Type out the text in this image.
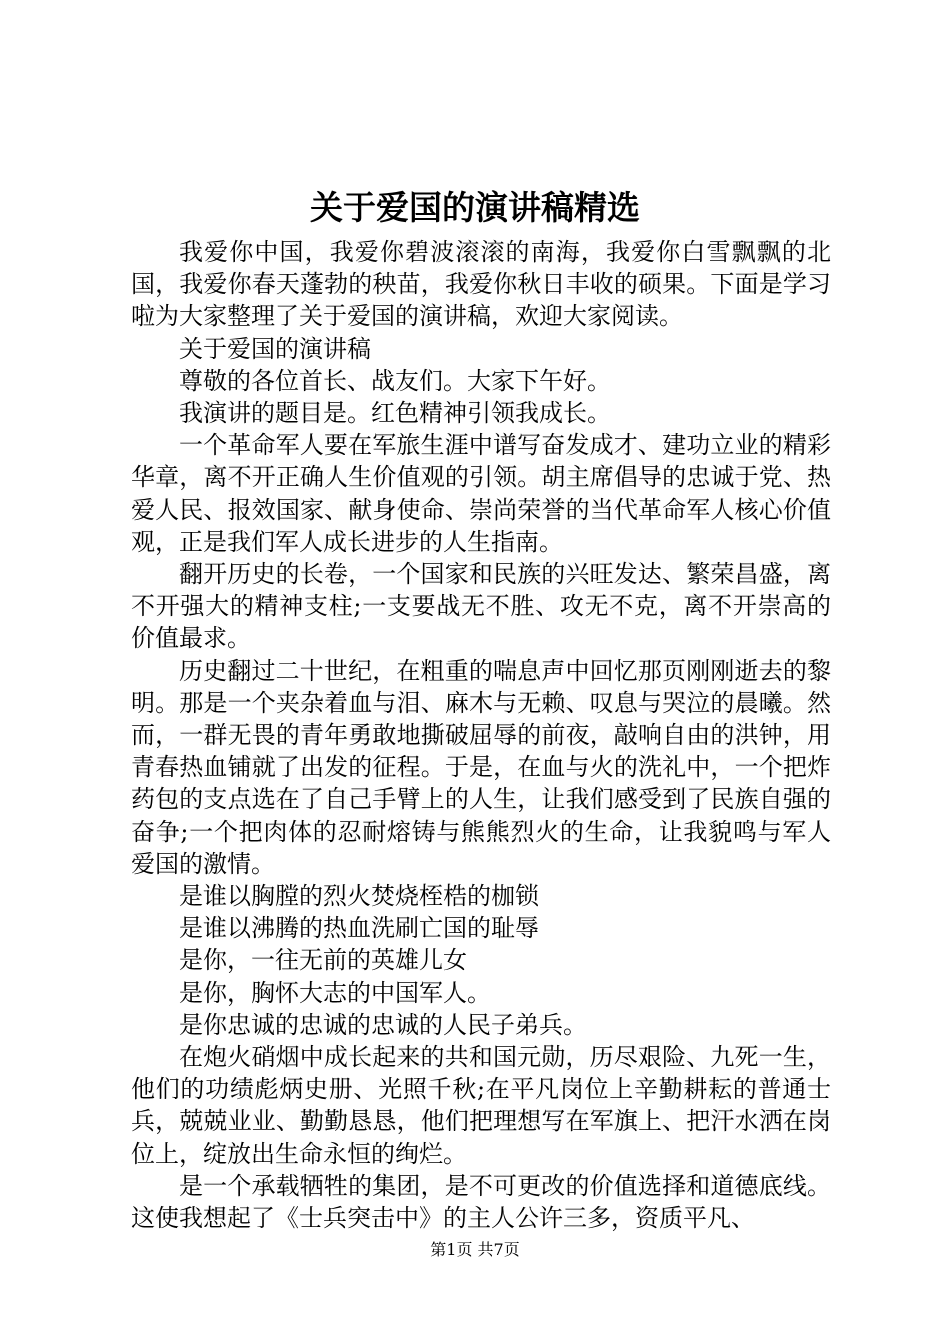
关于爱国的演讲稿精选

我爱你中国，我爱你碧波滚滚的南海，我爱你白雪飘飘的北国，我爱你春天蓬勃的秧苗，我爱你秋日丰收的硕果。下面是学习啦为大家整理了关于爱国的演讲稿，欢迎大家阅读。

关于爱国的演讲稿

尊敬的各位首长、战友们。大家下午好。

我演讲的题目是。红色精神引领我成长。

一个革命军人要在军旅生涯中谱写奋发成才、建功立业的精彩华章，离不开正确人生价值观的引领。胡主席倡导的忠诚于党、热爱人民、报效国家、献身使命、崇尚荣誉的当代革命军人核心价值观，正是我们军人成长进步的人生指南。

翻开历史的长卷，一个国家和民族的兴旺发达、繁荣昌盛，离不开强大的精神支柱;一支要战无不胜、攻无不克，离不开崇高的价值最求。

历史翻过二十世纪，在粗重的喘息声中回忆那页刚刚逝去的黎明。那是一个夹杂着血与泪、麻木与无赖、叹息与哭泣的晨曦。然而，一群无畏的青年勇敢地撕破屈辱的前夜，敲响自由的洪钟，用青春热血铺就了出发的征程。于是，在血与火的洗礼中，一个把炸药包的支点选在了自己手臂上的人生，让我们感受到了民族自强的奋争;一个把肉体的忍耐熔铸与熊熊烈火的生命，让我貌鸣与军人爱国的激情。

是谁以胸膛的烈火焚烧桎梏的枷锁

是谁以沸腾的热血洗刷亡国的耻辱

是你，一往无前的英雄儿女

是你，胸怀大志的中国军人。

是你忠诚的忠诚的忠诚的人民子弟兵。

在炮火硝烟中成长起来的共和国元勋，历尽艰险、九死一生，他们的功绩彪炳史册、光照千秋;在平凡岗位上辛勤耕耘的普通士兵，兢兢业业、勤勤恳恳，他们把理想写在军旗上、把汗水洒在岗位上，绽放出生命永恒的绚烂。

是一个承载牺牲的集团，是不可更改的价值选择和道德底线。这使我想起了《士兵突击中》的主人公许三多，资质平凡、

第1页 共7页
